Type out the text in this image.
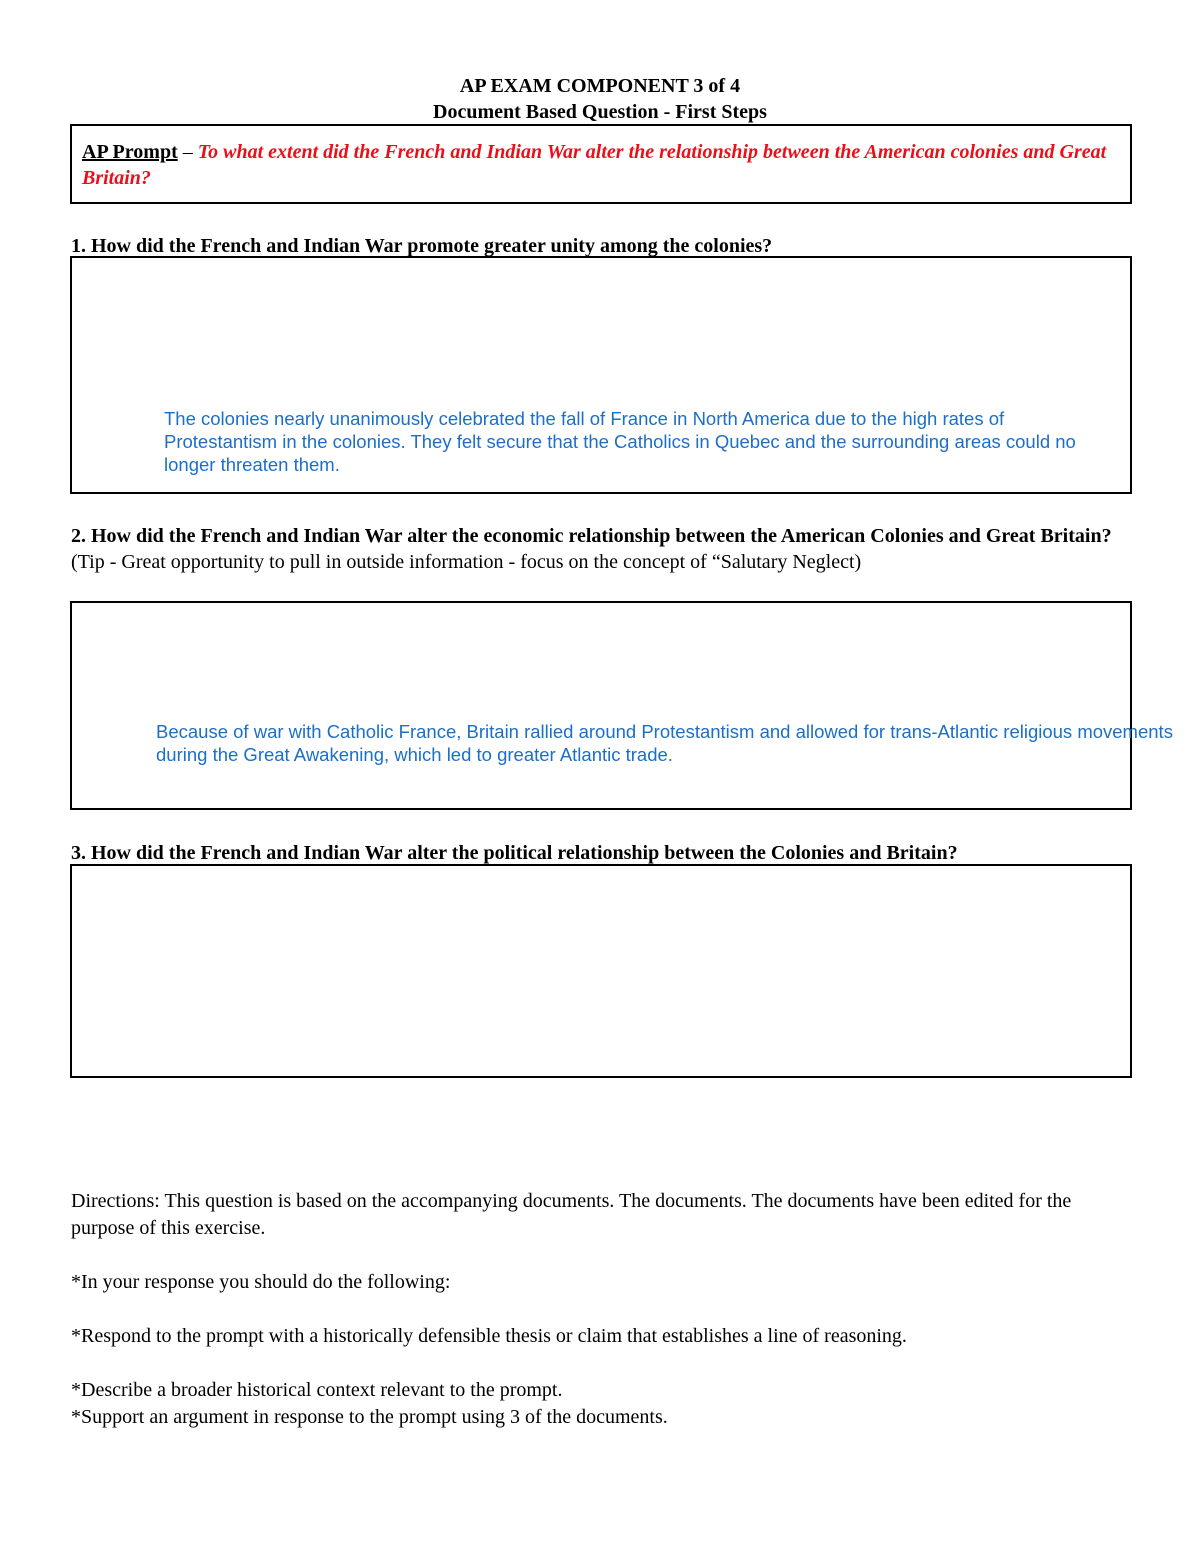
AP EXAM COMPONENT 3 of 4
Document Based Question - First Steps
AP Prompt – To what extent did the French and Indian War alter the relationship between the American colonies and Great Britain?
1. How did the French and Indian War promote greater unity among the colonies?
The colonies nearly unanimously celebrated the fall of France in North America due to the high rates of Protestantism in the colonies. They felt secure that the Catholics in Quebec and the surrounding areas could no longer threaten them.
2. How did the French and Indian War alter the economic relationship between the American Colonies and Great Britain? (Tip - Great opportunity to pull in outside information - focus on the concept of “Salutary Neglect)
Because of war with Catholic France, Britain rallied around Protestantism and allowed for trans-Atlantic religious movements during the Great Awakening, which led to greater Atlantic trade.
3. How did the French and Indian War alter the political relationship between the Colonies and Britain?
Directions: This question is based on the accompanying documents. The documents. The documents have been edited for the purpose of this exercise.
*In your response you should do the following:
*Respond to the prompt with a historically defensible thesis or claim that establishes a line of reasoning.
*Describe a broader historical context relevant to the prompt.
*Support an argument in response to the prompt using 3 of the documents.
